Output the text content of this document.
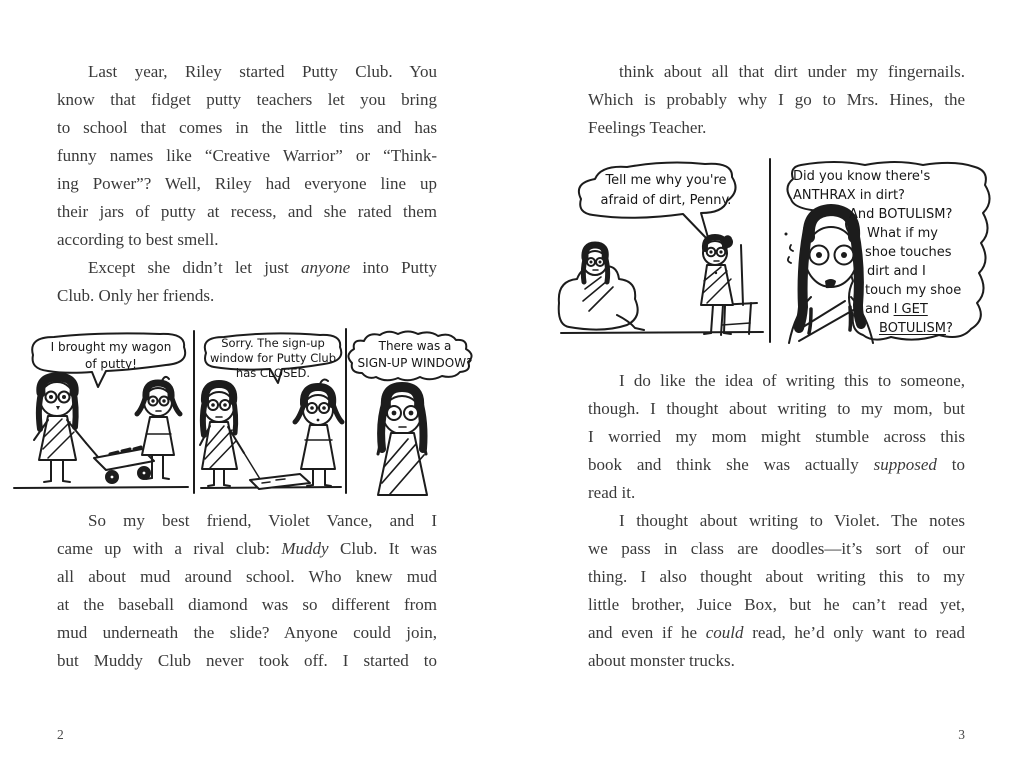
Last year, Riley started Putty Club. You
know that fidget putty teachers let you bring
to school that comes in the little tins and has
funny names like “Creative Warrior” or “Think-
ing Power”? Well, Riley had everyone line up
their jars of putty at recess, and she rated them
according to best smell.
Except she didn’t let just anyone into Putty
Club. Only her friends.
I brought my wagon
of putty!
Sorry. The sign-up
window for Putty Club
has CLOSED.
There was a
SIGN-UP WINDOW?
So my best friend, Violet Vance, and I
came up with a rival club: Muddy Club. It was
all about mud around school. Who knew mud
at the baseball diamond was so different from
mud underneath the slide? Anyone could join,
but Muddy Club never took off. I started to
2
think about all that dirt under my fingernails.
Which is probably why I go to Mrs. Hines, the
Feelings Teacher.
Tell me why you're
afraid of dirt, Penny.
Did you know there's
ANTHRAX in dirt?
And BOTULISM?
What if my
shoe touches
dirt and I
touch my shoe
and I GET
BOTULISM?
I do like the idea of writing this to someone,
though. I thought about writing to my mom, but
I worried my mom might stumble across this
book and think she was actually supposed to
read it.
I thought about writing to Violet. The notes
we pass in class are doodles—it’s sort of our
thing. I also thought about writing this to my
little brother, Juice Box, but he can’t read yet,
and even if he could read, he’d only want to read
about monster trucks.
3
